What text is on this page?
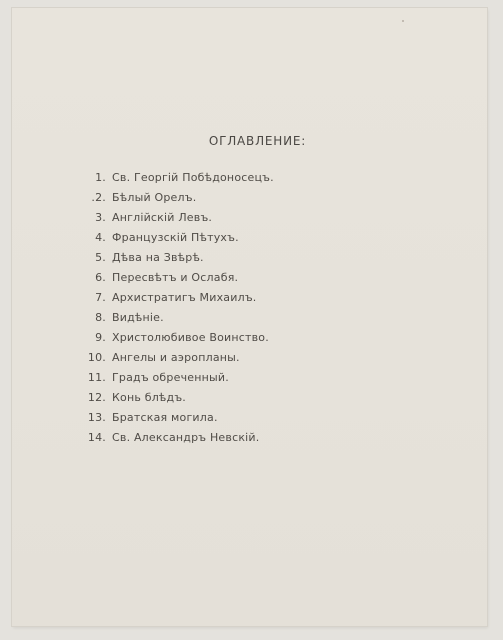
ОГЛАВЛЕНИЕ:
1. Св. Георгій Побѣдоносецъ.
.2. Бѣлый Орелъ.
3. Англійскій Левъ.
4. Французскій Пѣтухъ.
5. Дѣва на Звѣрѣ.
6. Пересвѣтъ и Ослабя.
7. Архистратигъ Михаилъ.
8. Видѣніе.
9. Христолюбивое Воинство.
10. Ангелы и аэропланы.
11. Градъ обреченный.
12. Конь блѣдъ.
13. Братская могила.
14. Св. Александръ Невскій.
